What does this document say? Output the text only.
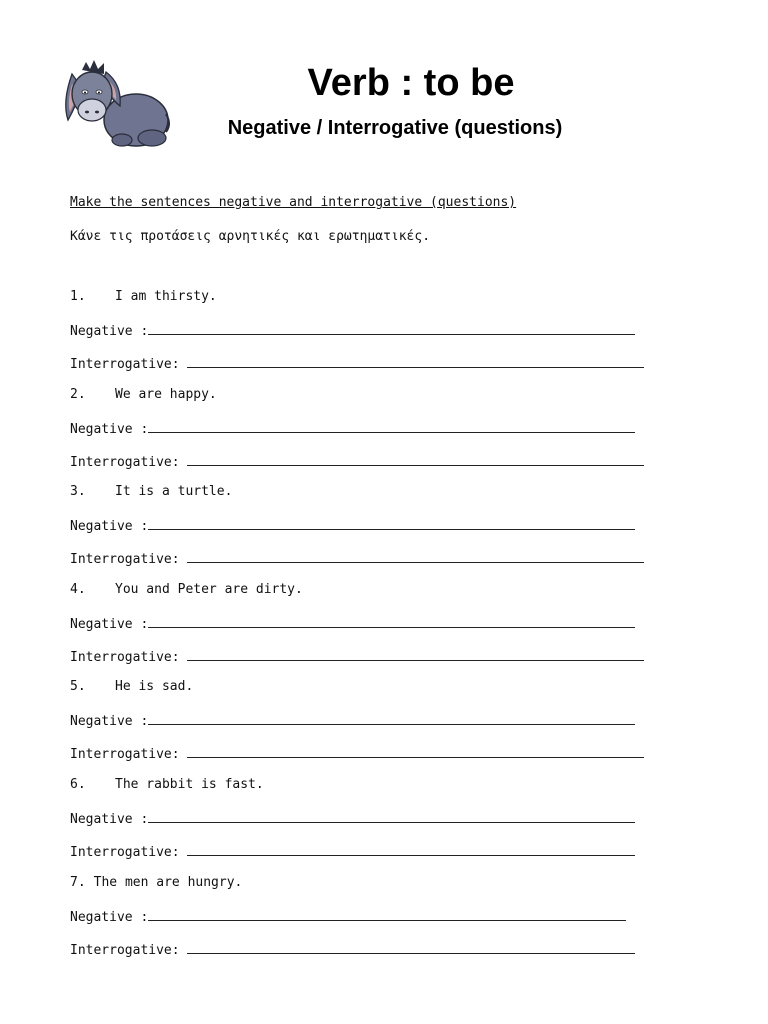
Verb : to be
Negative / Interrogative (questions)
Make the sentences negative and interrogative (questions)
Κάνε τις προτάσεις αρνητικές και ερωτηματικές.
1. I am thirsty.
Negative :
Interrogative:
2. We are happy.
Negative :
Interrogative:
3. It is a turtle.
Negative :
Interrogative:
4. You and Peter are dirty.
Negative :
Interrogative:
5. He is sad.
Negative :
Interrogative:
6. The rabbit is fast.
Negative :
Interrogative:
7. The men are hungry.
Negative :
Interrogative:
